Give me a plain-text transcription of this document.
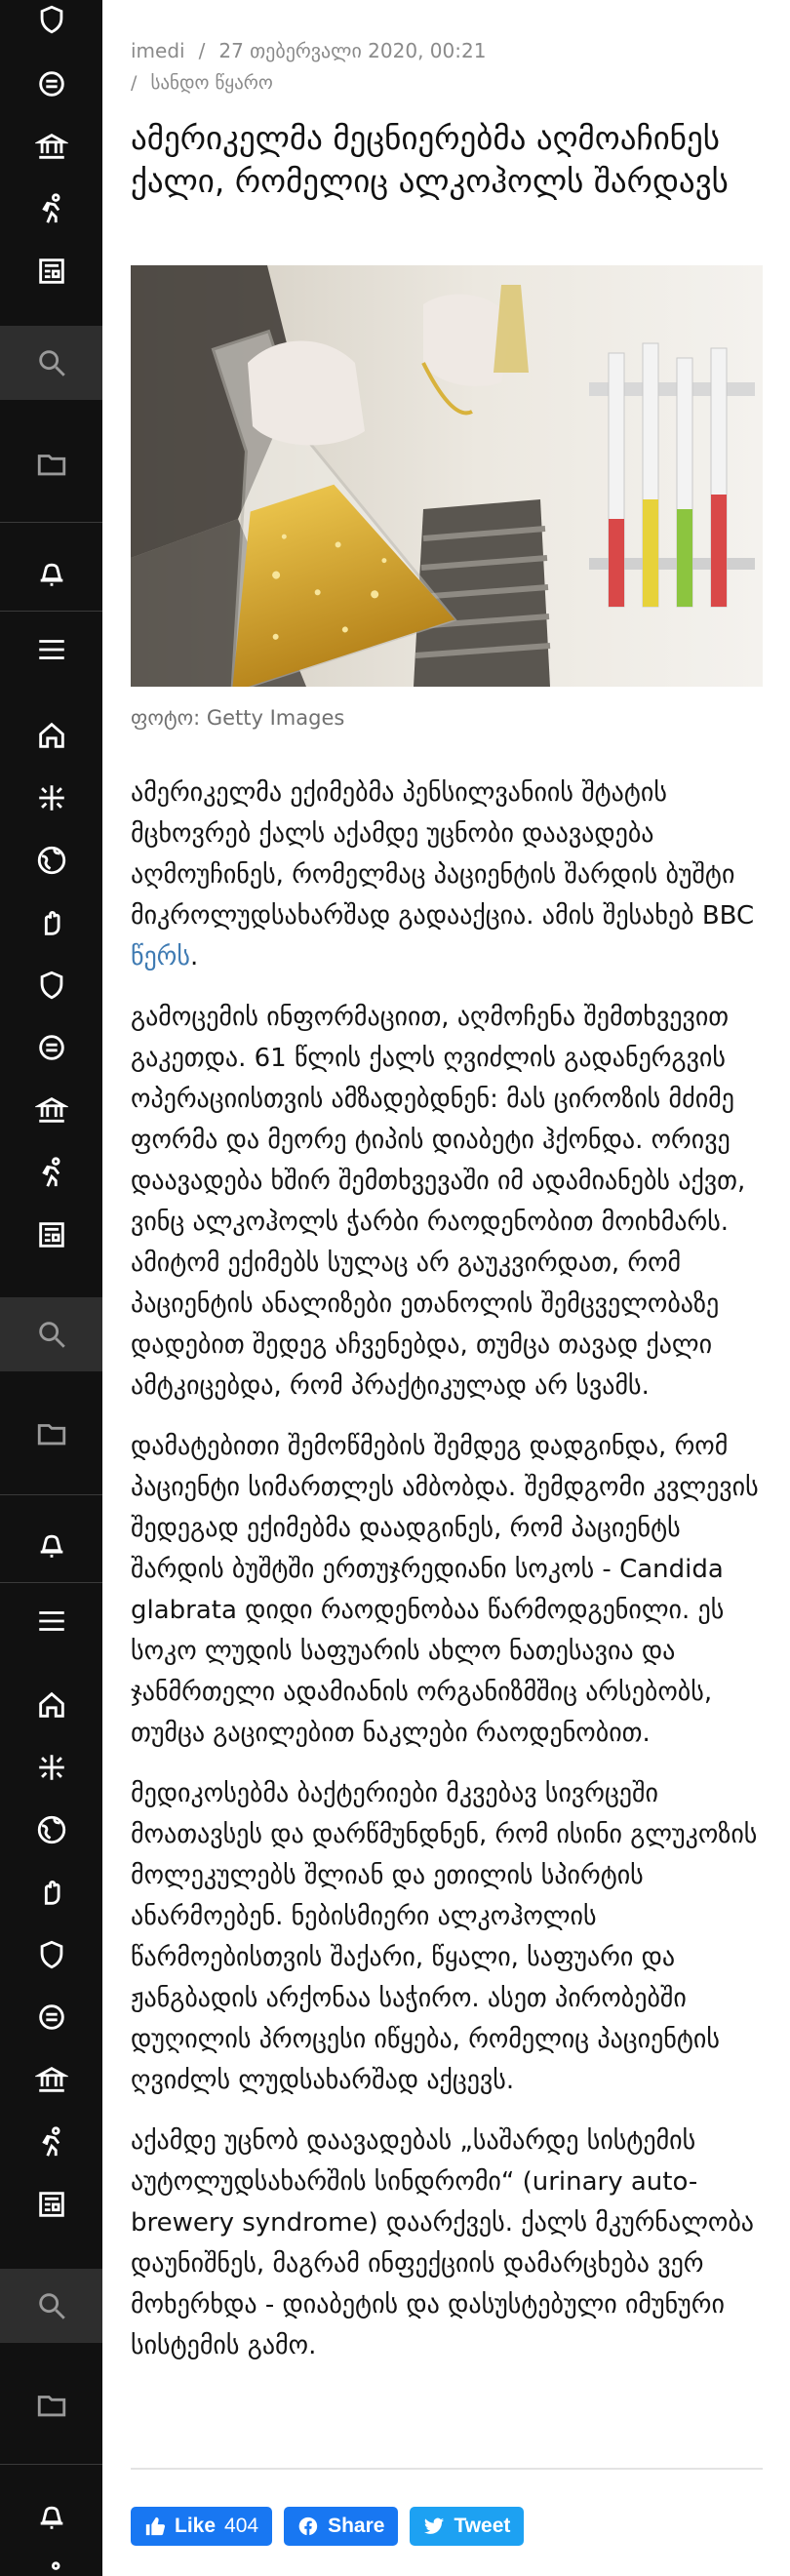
imedi / 27 თებერვალი 2020, 00:21
/ სანდო წყარო
ამერიკელმა მეცნიერებმა აღმოაჩინეს ქალი, რომელიც ალკოჰოლს შარდავს
ფოტო: Getty Images

ამერიკელმა ექიმებმა პენსილვანიის შტატის მცხოვრებ ქალს აქამდე უცნობი დაავადება აღმოუჩინეს, რომელმაც პაციენტის შარდის ბუშტი მიკროლუდსახარშად გადააქცია. ამის შესახებ BBC წერს.

გამოცემის ინფორმაციით, აღმოჩენა შემთხვევით გაკეთდა. 61 წლის ქალს ღვიძლის გადანერგვის ოპერაციისთვის ამზადებდნენ: მას ციროზის მძიმე ფორმა და მეორე ტიპის დიაბეტი ჰქონდა. ორივე დაავადება ხშირ შემთხვევაში იმ ადამიანებს აქვთ, ვინც ალკოჰოლს ჭარბი რაოდენობით მოიხმარს. ამიტომ ექიმებს სულაც არ გაუკვირდათ, რომ პაციენტის ანალიზები ეთანოლის შემცველობაზე დადებით შედეგ აჩვენებდა, თუმცა თავად ქალი ამტკიცებდა, რომ პრაქტიკულად არ სვამს.

დამატებითი შემოწმების შემდეგ დადგინდა, რომ პაციენტი სიმართლეს ამბობდა. შემდგომი კვლევის შედეგად ექიმებმა დაადგინეს, რომ პაციენტს შარდის ბუშტში ერთუჯრედიანი სოკოს - Candida glabrata დიდი რაოდენობაა წარმოდგენილი. ეს სოკო ლუდის საფუარის ახლო ნათესავია და ჯანმრთელი ადამიანის ორგანიზმშიც არსებობს, თუმცა გაცილებით ნაკლები რაოდენობით.

მედიკოსებმა ბაქტერიები მკვებავ სივრცეში მოათავსეს და დარწმუნდნენ, რომ ისინი გლუკოზის მოლეკულებს შლიან და ეთილის სპირტის ანარმოებენ. ნებისმიერი ალკოჰოლის წარმოებისთვის შაქარი, წყალი, საფუარი და ჟანგბადის არქონაა საჭირო. ასეთ პირობებში დუღილის პროცესი იწყება, რომელიც პაციენტის ღვიძლს ლუდსახარშად აქცევს.

აქამდე უცნობ დაავადებას „საშარდე სისტემის აუტოლუდსახარშის სინდრომი“ (urinary auto-brewery syndrome) დაარქვეს. ქალს მკურნალობა დაუნიშნეს, მაგრამ ინფექციის დამარცხება ვერ მოხერხდა - დიაბეტის და დასუსტებული იმუნური სისტემის გამო.

Like 404	Share	Tweet
